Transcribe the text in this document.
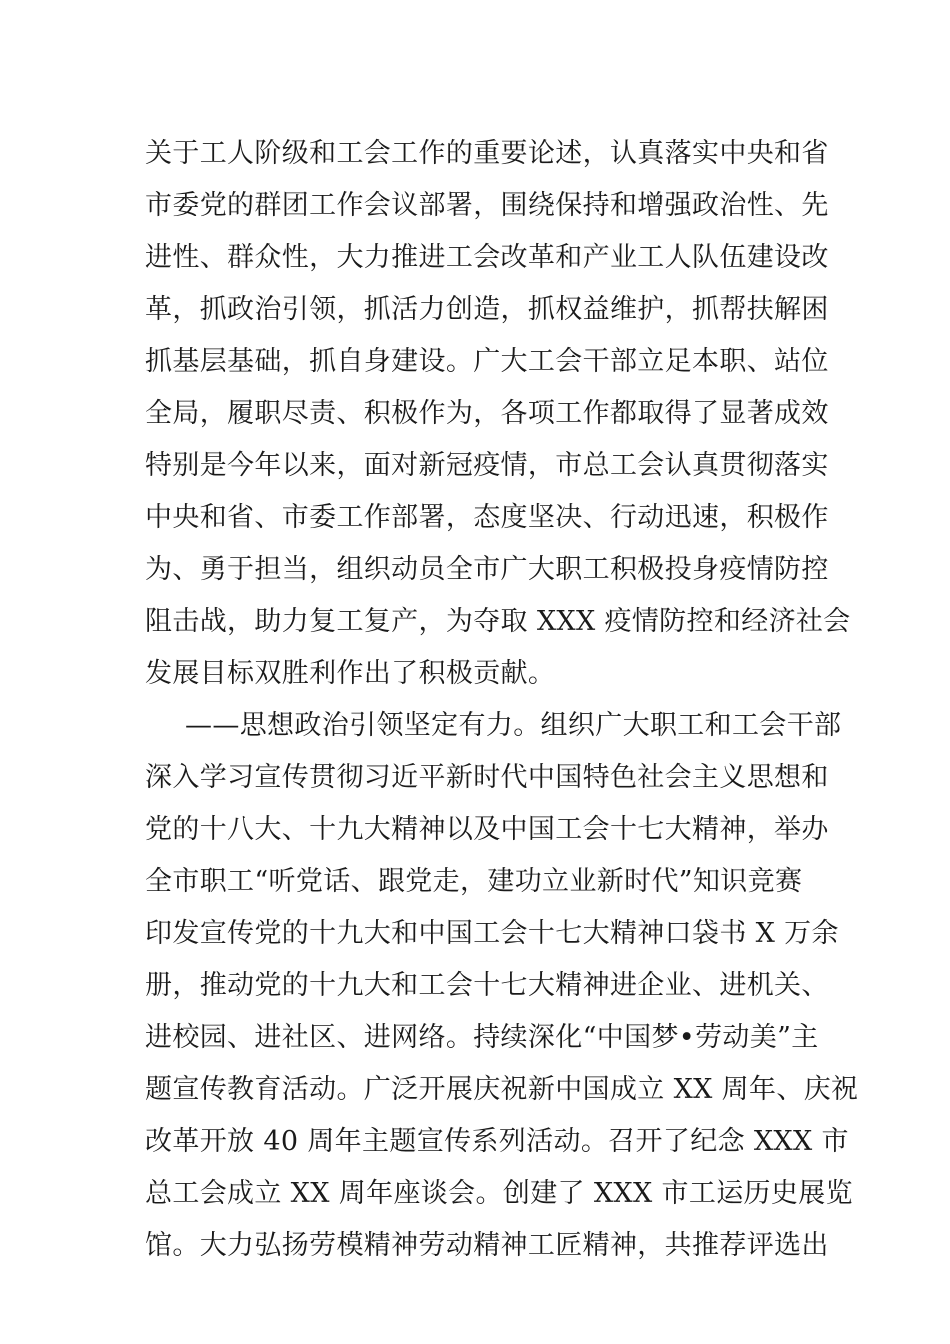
关于工人阶级和工会工作的重要论述，认真落实中央和省
市委党的群团工作会议部署，围绕保持和增强政治性、先
进性、群众性，大力推进工会改革和产业工人队伍建设改
革，抓政治引领，抓活力创造，抓权益维护，抓帮扶解困
抓基层基础，抓自身建设。广大工会干部立足本职、站位
全局，履职尽责、积极作为，各项工作都取得了显著成效
特别是今年以来，面对新冠疫情，市总工会认真贯彻落实
中央和省、市委工作部署，态度坚决、行动迅速，积极作
为、勇于担当，组织动员全市广大职工积极投身疫情防控
阻击战，助力复工复产，为夺取 XXX 疫情防控和经济社会
发展目标双胜利作出了积极贡献。
——思想政治引领坚定有力。组织广大职工和工会干部
深入学习宣传贯彻习近平新时代中国特色社会主义思想和
党的十八大、十九大精神以及中国工会十七大精神，举办
全市职工“听党话、跟党走，建功立业新时代”知识竞赛
印发宣传党的十九大和中国工会十七大精神口袋书 X 万余
册，推动党的十九大和工会十七大精神进企业、进机关、
进校园、进社区、进网络。持续深化“中国梦•劳动美”主
题宣传教育活动。广泛开展庆祝新中国成立 XX 周年、庆祝
改革开放 40 周年主题宣传系列活动。召开了纪念 XXX 市
总工会成立 XX 周年座谈会。创建了 XXX 市工运历史展览
馆。大力弘扬劳模精神劳动精神工匠精神，共推荐评选出
